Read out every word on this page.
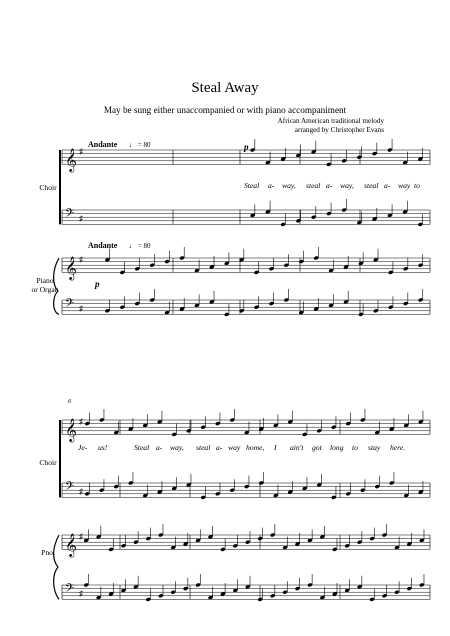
Steal Away
May be sung either unaccompanied or with piano accompaniment
African American traditional melody
arranged by Christopher Evans
𝄞 ♯
𝄢 ♯
𝄞 ♯
𝄢 ♯
𝄞 ♯
𝄢 ♯
𝄞 ♯
𝄢 ♯
Choir
Piano
or Organ
Andante ♩ = 80
Andante ♩ = 80
p
p
Steal a- way, steal a- way, steal a- way to
6
Choir
Pno.
Je- us!	Steal a- way, steal a- way home, I ain't got long to stay here.
